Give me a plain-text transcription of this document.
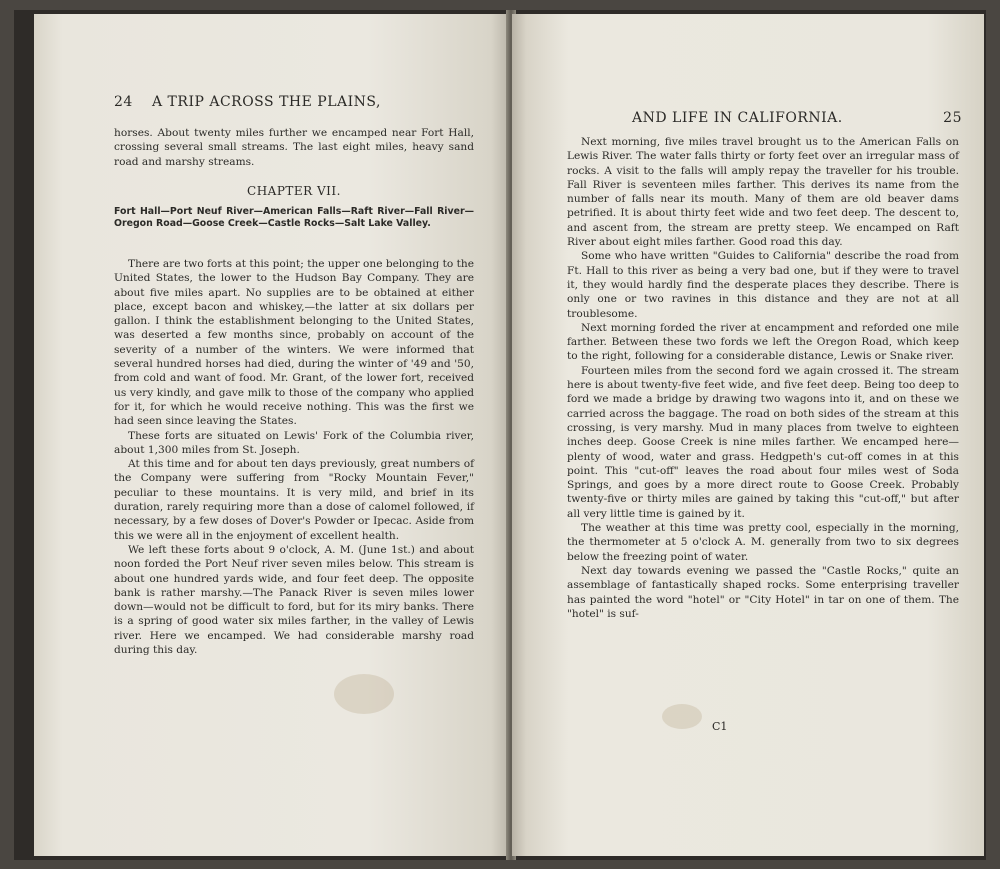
24 A TRIP ACROSS THE PLAINS,

horses. About twenty miles further we encamped near Fort Hall, crossing several small streams. The last eight miles, heavy sand road and marshy streams.

CHAPTER VII.
Fort Hall—Port Neuf River—American Falls—Raft River—Fall River—Oregon Road—Goose Creek—Castle Rocks—Salt Lake Valley.

There are two forts at this point; the upper one belonging to the United States, the lower to the Hudson Bay Company. They are about five miles apart. No supplies are to be obtained at either place, except bacon and whiskey,—the latter at six dollars per gallon. I think the establishment belonging to the United States, was deserted a few months since, probably on account of the severity of a number of the winters. We were informed that several hundred horses had died, during the winter of '49 and '50, from cold and want of food. Mr. Grant, of the lower fort, received us very kindly, and gave milk to those of the company who applied for it, for which he would receive nothing. This was the first we had seen since leaving the States.

These forts are situated on Lewis' Fork of the Columbia river, about 1,300 miles from St. Joseph.

At this time and for about ten days previously, great numbers of the Company were suffering from "Rocky Mountain Fever," peculiar to these mountains. It is very mild, and brief in its duration, rarely requiring more than a dose of calomel followed, if necessary, by a few doses of Dover's Powder or Ipecac. Aside from this we were all in the enjoyment of excellent health.

We left these forts about 9 o'clock, A. M. (June 1st.) and about noon forded the Port Neuf river seven miles below. This stream is about one hundred yards wide, and four feet deep. The opposite bank is rather marshy.—The Panack River is seven miles lower down—would not be difficult to ford, but for its miry banks. There is a spring of good water six miles farther, in the valley of Lewis river. Here we encamped. We had considerable marshy road during this day.

AND LIFE IN CALIFORNIA.	25

Next morning, five miles travel brought us to the American Falls on Lewis River. The water falls thirty or forty feet over an irregular mass of rocks. A visit to the falls will amply repay the traveller for his trouble. Fall River is seventeen miles farther. This derives its name from the number of falls near its mouth. Many of them are old beaver dams petrified. It is about thirty feet wide and two feet deep. The descent to, and ascent from, the stream are pretty steep. We encamped on Raft River about eight miles farther. Good road this day.

Some who have written "Guides to California" describe the road from Ft. Hall to this river as being a very bad one, but if they were to travel it, they would hardly find the desperate places they describe. There is only one or two ravines in this distance and they are not at all troublesome.

Next morning forded the river at encampment and reforded one mile farther. Between these two fords we left the Oregon Road, which keep to the right, following for a considerable distance, Lewis or Snake river.

Fourteen miles from the second ford we again crossed it. The stream here is about twenty-five feet wide, and five feet deep. Being too deep to ford we made a bridge by drawing two wagons into it, and on these we carried across the baggage. The road on both sides of the stream at this crossing, is very marshy. Mud in many places from twelve to eighteen inches deep. Goose Creek is nine miles farther. We encamped here—plenty of wood, water and grass. Hedgpeth's cut-off comes in at this point. This "cut-off" leaves the road about four miles west of Soda Springs, and goes by a more direct route to Goose Creek. Probably twenty-five or thirty miles are gained by taking this "cut-off," but after all very little time is gained by it.

The weather at this time was pretty cool, especially in the morning, the thermometer at 5 o'clock A. M. generally from two to six degrees below the freezing point of water.

Next day towards evening we passed the "Castle Rocks," quite an assemblage of fantastically shaped rocks. Some enterprising traveller has painted the word "hotel" or "City Hotel" in tar on one of them. The "hotel" is suf-

C1
